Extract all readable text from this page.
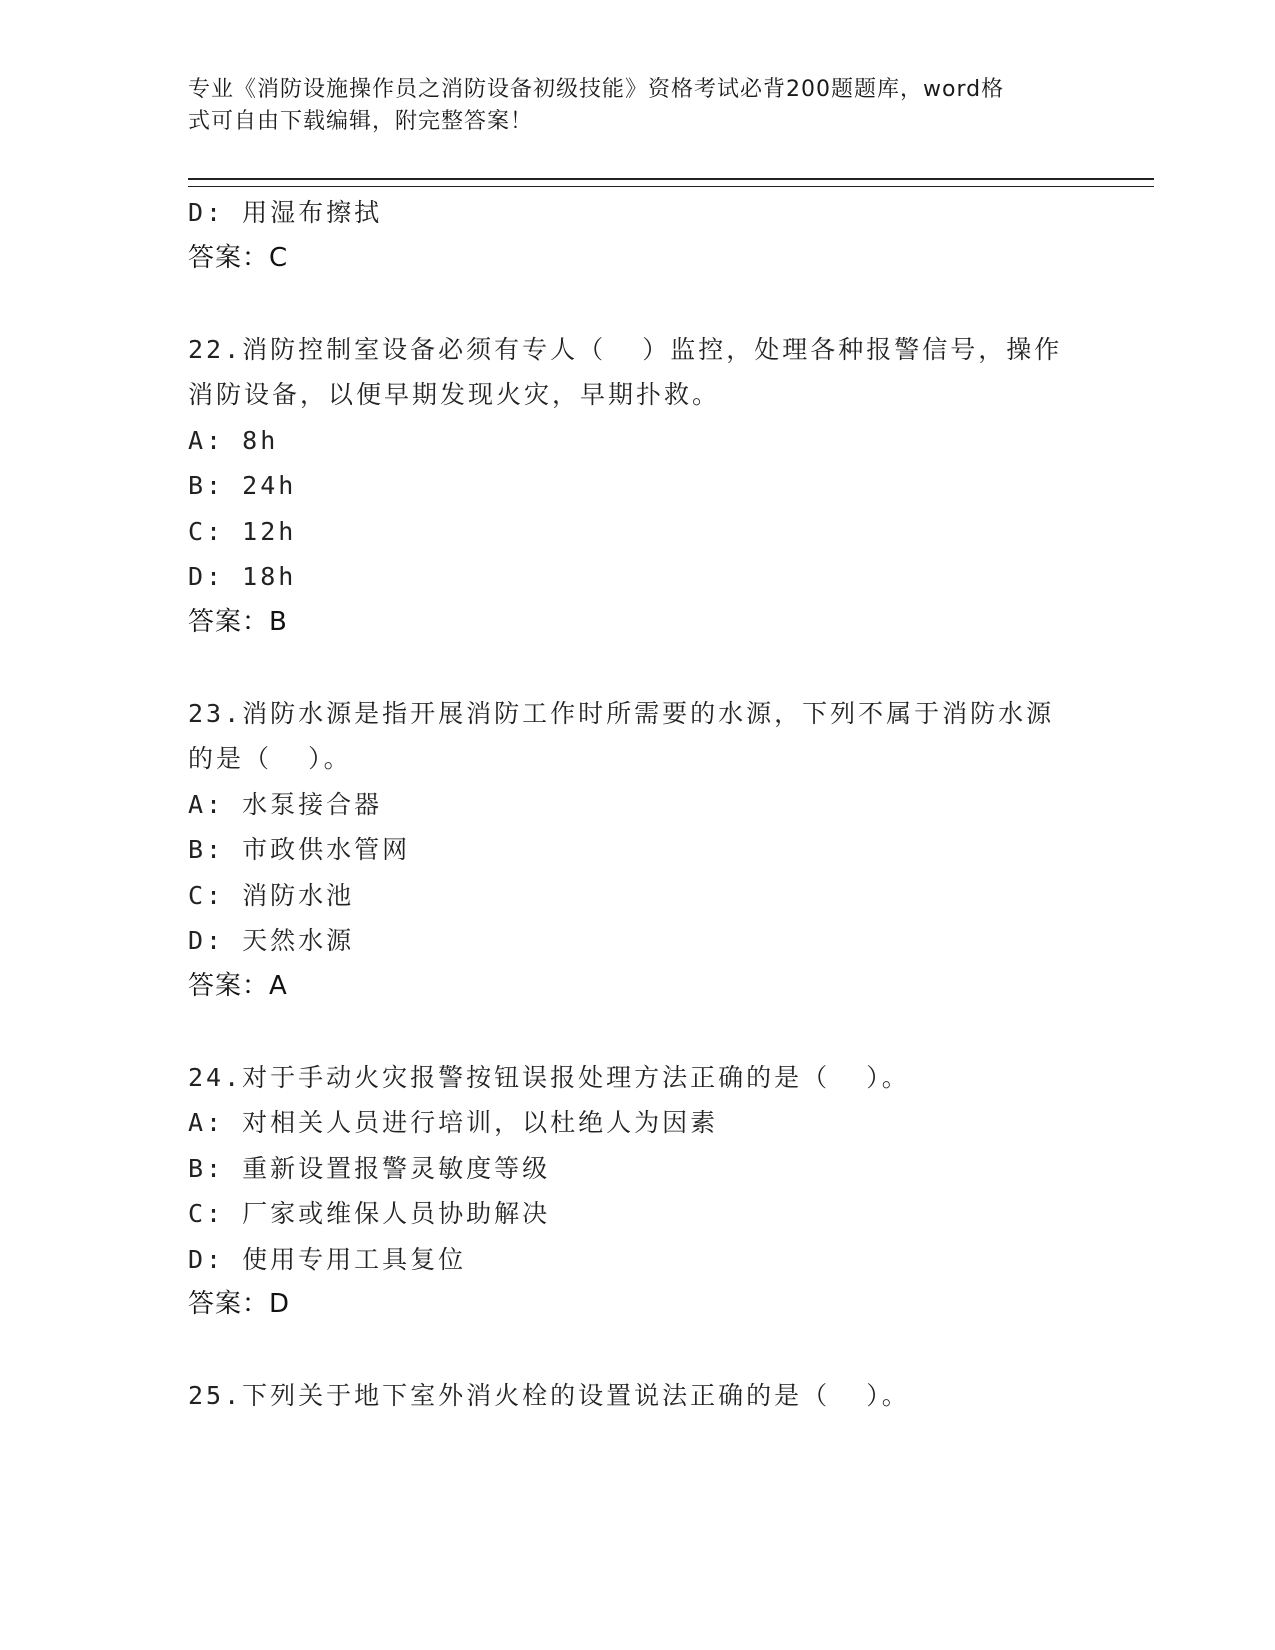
专业《消防设施操作员之消防设备初级技能》资格考试必背200题题库，word格
式可自由下载编辑，附完整答案！
D: 用湿布擦拭
答案：C
22.消防控制室设备必须有专人（  ）监控，处理各种报警信号，操作
消防设备，以便早期发现火灾，早期扑救。
A: 8h
B: 24h
C: 12h
D: 18h
答案：B
23.消防水源是指开展消防工作时所需要的水源，下列不属于消防水源
的是（  ）。
A: 水泵接合器
B: 市政供水管网
C: 消防水池
D: 天然水源
答案：A
24.对于手动火灾报警按钮误报处理方法正确的是（  ）。
A: 对相关人员进行培训，以杜绝人为因素
B: 重新设置报警灵敏度等级
C: 厂家或维保人员协助解决
D: 使用专用工具复位
答案：D
25.下列关于地下室外消火栓的设置说法正确的是（  ）。
